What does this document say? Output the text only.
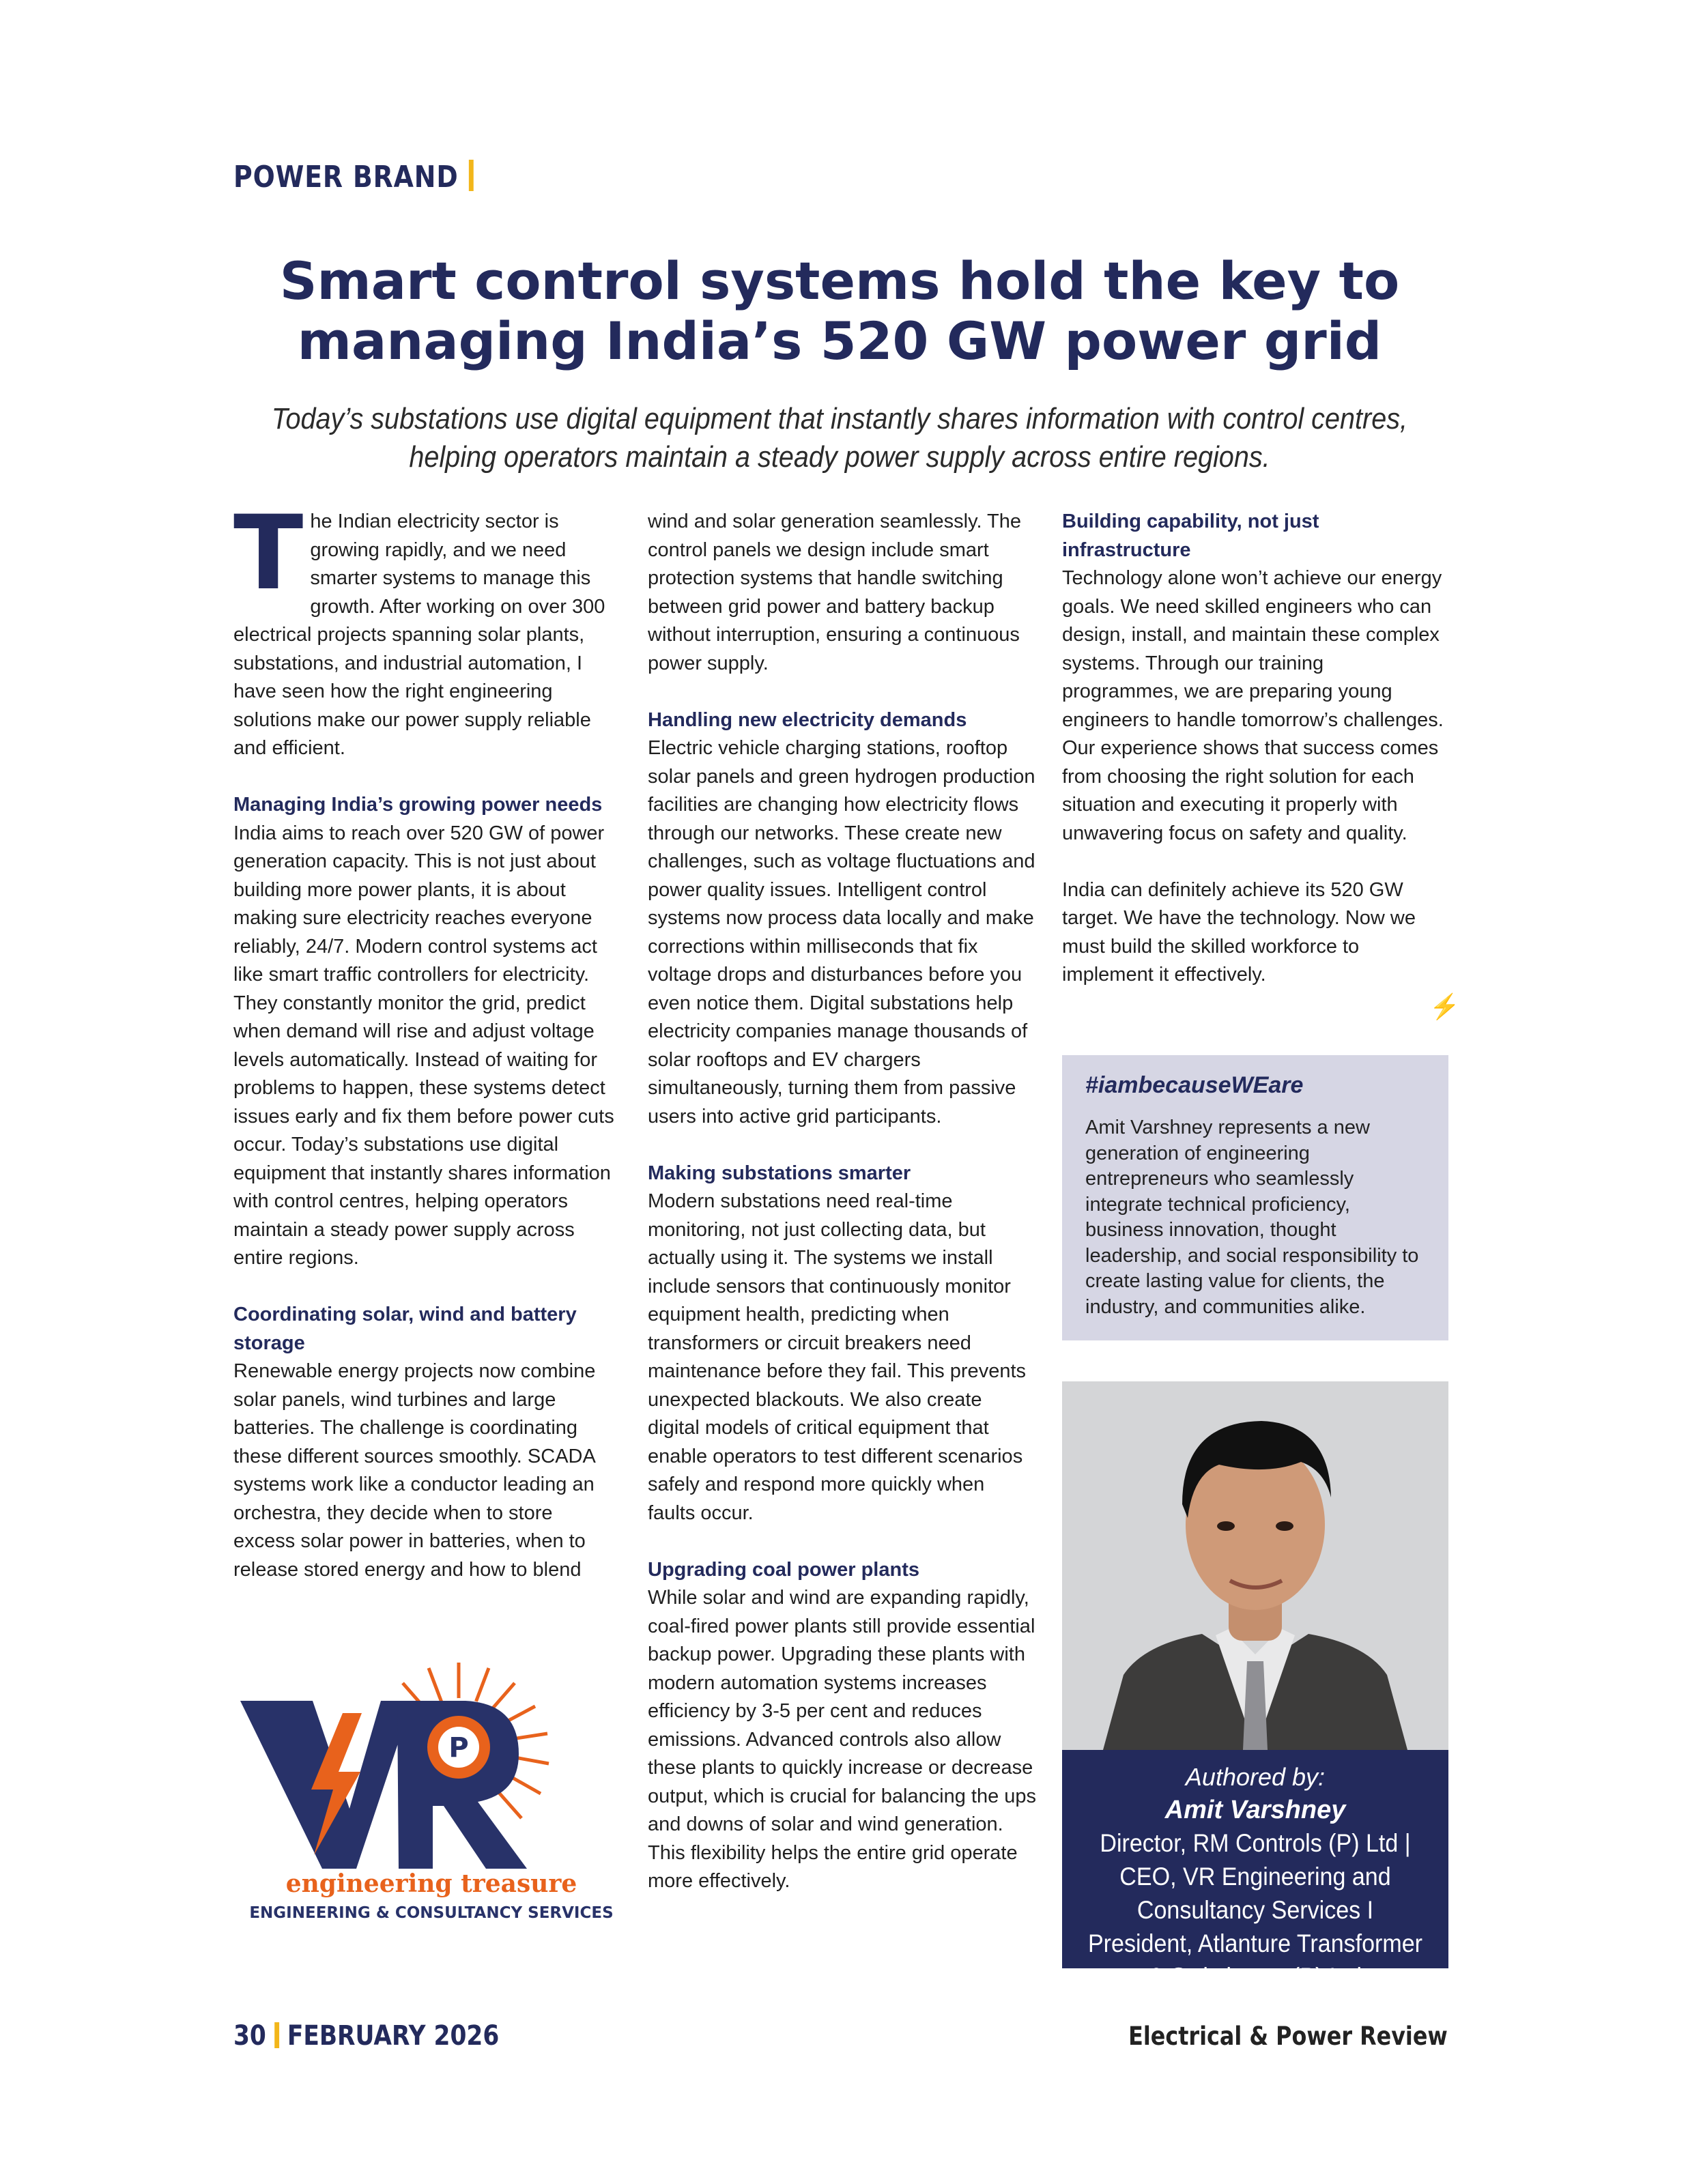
POWER BRAND
Smart control systems hold the key to
managing India’s 520 GW power grid
Today’s substations use digital equipment that instantly shares information with control centres,
helping operators maintain a steady power supply across entire regions.

The Indian electricity sector is growing rapidly, and we need smarter systems to manage this growth. After working on over 300 electrical projects spanning solar plants, substations, and industrial automation, I have seen how the right engineering solutions make our power supply reliable and efficient.

Managing India’s growing power needs

India aims to reach over 520 GW of power generation capacity. This is not just about building more power plants, it is about making sure electricity reaches everyone reliably, 24/7. Modern control systems act like smart traffic controllers for electricity. They constantly monitor the grid, predict when demand will rise and adjust voltage levels automatically. Instead of waiting for problems to happen, these systems detect issues early and fix them before power cuts occur. Today’s substations use digital equipment that instantly shares information with control centres, helping operators maintain a steady power supply across entire regions.

Coordinating solar, wind and battery storage

Renewable energy projects now combine solar panels, wind turbines and large batteries. The challenge is coordinating these different sources smoothly. SCADA systems work like a conductor leading an orchestra, they decide when to store excess solar power in batteries, when to release stored energy and how to blend

wind and solar generation seamlessly. The control panels we design include smart protection systems that handle switching between grid power and battery backup without interruption, ensuring a continuous power supply.

Handling new electricity demands

Electric vehicle charging stations, rooftop solar panels and green hydrogen production facilities are changing how electricity flows through our networks. These create new challenges, such as voltage fluctuations and power quality issues. Intelligent control systems now process data locally and make corrections within milliseconds that fix voltage drops and disturbances before you even notice them. Digital substations help electricity companies manage thousands of solar rooftops and EV chargers simultaneously, turning them from passive users into active grid participants.

Making substations smarter

Modern substations need real-time monitoring, not just collecting data, but actually using it. The systems we install include sensors that continuously monitor equipment health, predicting when transformers or circuit breakers need maintenance before they fail. This prevents unexpected blackouts. We also create digital models of critical equipment that enable operators to test different scenarios safely and respond more quickly when faults occur.

Upgrading coal power plants

While solar and wind are expanding rapidly, coal-fired power plants still provide essential backup power. Upgrading these plants with modern automation systems increases efficiency by 3-5 per cent and reduces emissions. Advanced controls also allow these plants to quickly increase or decrease output, which is crucial for balancing the ups and downs of solar and wind generation. This flexibility helps the entire grid operate more effectively.

Building capability, not just infrastructure

Technology alone won’t achieve our energy goals. We need skilled engineers who can design, install, and maintain these complex systems. Through our training programmes, we are preparing young engineers to handle tomorrow’s challenges. Our experience shows that success comes from choosing the right solution for each situation and executing it properly with unwavering focus on safety and quality.

India can definitely achieve its 520 GW target. We have the technology. Now we must build the skilled workforce to implement it effectively.

⚡
#iambecauseWEare
Amit Varshney represents a new generation of engineering entrepreneurs who seamlessly integrate technical proficiency, business innovation, thought leadership, and social responsibility to create lasting value for clients, the industry, and communities alike.
Authored by:
Amit Varshney
Director, RM Controls (P) Ltd | CEO, VR Engineering and Consultancy Services I President, Atlanture Transformer & Switchgear (P) Ltd
P
engineering treasure
ENGINEERING & CONSULTANCY SERVICES
30 FEBRUARY 2026	Electrical & Power Review
